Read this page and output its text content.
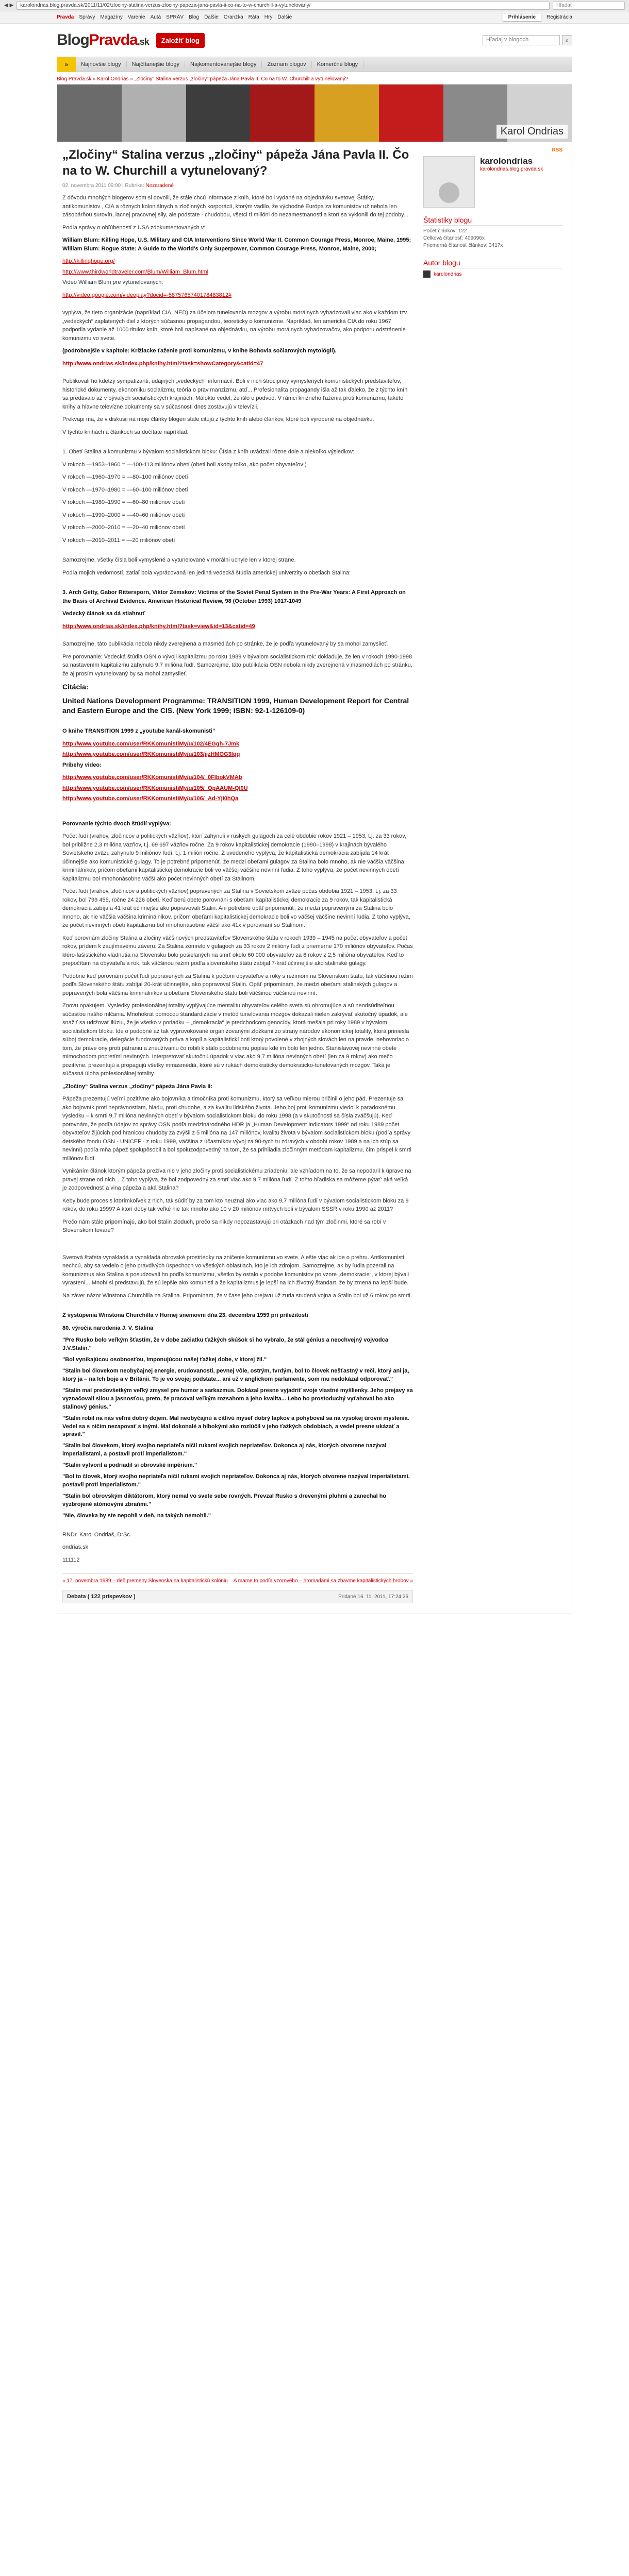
◀
▶	karolondrias.blog.pravda.sk/2011/11/02/zlociny-stalina-verzus-zlociny-papeza-jana-pavla-ii-co-na-to-w-churchill-a-vytunelovany/	Hľadať
Pravda Správy Magazíny Varenie Autá SPRÁV Blog Ďalšie Oranžka Ráta Hry Ďalšie	Prihlásenie	Registrácia
Blog Pravda .sk	Založiť blog	Hľadaj v blogoch	⌕
»	Najnovšie blogy	Najčítanejšie blogy	Najkomentovanejšie blogy	Zoznam blogov	Komerčné blogy
Blog.Pravda.sk » Karol Ondrias » „Zločiny“ Stalina verzus „zločiny“ pápeža Jána Pavla II. Čo na to W. Churchill a vytunelovaný?
Karol Ondrias
„Zločiny“ Stalina verzus „zločiny“ pápeža Jána Pavla II. Čo na to W. Churchill a vytunelovaný?
02. novembra 2011 09:00 | Rubrika: Nezaradené
Z dôvodu mnohých blogerov som si dovolil, že stále chcú informace z knih, ktoré boli vydané na objednávku svetovej Štátky, antikomunistov , CIA a rôznych koloniálnych a zločinných korporácií, ktorým vadilo, že východné Európa za komunistov už nebola len zásobárňou surovín, lacnej pracovnej sily, ale podstate - chudobou, všetci tí milióni do nezamestnanosti a ktorí sa vyklonili do tej podoby...
Podľa správy o obľúbeností z USA zdokumentovaných v:
William Blum: Killing Hope, U.S. Military and CIA Interventions Since World War II. Common Courage Press, Monroe, Maine, 1995; William Blum: Rogue State: A Guide to the World's Only Superpower, Common Courage Press, Monroe, Maine, 2000;
http://killinghope.org/
http://www.thirdworldtraveler.com/Blum/William_Blum.html
Video William Blum pre vytunelovaných:
http://video.google.com/videoplay?docid=-5875765740178483812#
vyplýva, že tieto organizácie (napríklad CIA, NED) za účelom tunelovania mozgov a výrobu morálnych vyhadzovali viac ako v každom tzv. „vedeckých“ zaplatených diel z ktorých súčasnou propagandou, teoreticky o komunizme. Napríklad, len americká CIA do roku 1967 podporila vydanie až 1000 titulov kníh, ktoré boli napísané na objednávku, na výrobu morálnych vyhadzovačov, ako podporu odstránenie komunizmu vo svete.
(podrobnejšie v kapitole: Križiacke ťaženie proti komunizmu, v knihe Bohovia sočiarových mytológií).
http://www.ondrias.sk/index.php/knihy.html?task=showCategory&catid=47
Publikovali ho kdetzy sympatizanti, údajných „vedeckých“ informácií. Boli v nich štrocipnoy vymyslených komunistických predstaviteľov, historické dokumenty, ekonomiku socializmu, teória o prav manzizmu, atď... Profesionalita propagandy išla až tak ďaleko, že z týchto kníh sa predávalo až v bývalých socialistických krajinách. Málokto vedel, že išlo o podvod. V rámci knižného ťaženia proti komunizmu, takéto knihy a hlavne televízne dokumenty sa v súčasnosti dnes zostavujú v televízii.
Prekvapi ma, že v diskusii na moje články blogeri stále citujú z týchto knih alebo článkov, ktoré boli vyrobené na objednávku.
V týchto knihách a článkoch sa dočítate napríklad:
1. Obetí Stalina a komunizmu v bývalom socialistickom bloku: Čísla z kníh uvádzali rôzne dole a niekoľko výsledkov:
V rokoch —1953–1960 = —100-113 miliónov obetí (obeti boli akoby toľko, ako počet obyvateľov!)
V rokoch —1960–1970 = —80–100 miliónov obetí
V rokoch —1970–1980 = —60–100 miliónov obetí
V rokoch —1980–1990 = —60–80 miliónov obetí
V rokoch —1990–2000 = —40–60 miliónov obetí
V rokoch —2000–2010 = —20–40 miliónov obetí
V rokoch —2010–2011 = —20 miliónov obetí
Samozrejme, všetky čísla boli vymyslené a vytunelované v morálni uchyle len v ktorej strane.
Podľa mojich vedomostí, zatiaľ bola vyprácovaná len jediná vedecká štúdia americkej univerzity o obetiach Stalina:
3. Arch Getty, Gabor Rittersporn, Viktor Zemskov: Victims of the Soviet Penal System in the Pre-War Years: A First Approach on the Basis of Archival Evidence. American Historical Review, 98 (October 1993) 1017-1049
Vedecký článok sa dá stiahnuť
http://www.ondrias.sk/index.php/knihy.html?task=view&id=13&catid=49
Samozrejme, táto publikácia nebola nikdy zverejnená a masmédiách po stránke, že je podľa vytunelovaný by sa mohol zamyslieť.
Pre porovnanie: Vedecká štúdia OSN o vývoji kapitalizmu po roku 1989 v bývalom socialistickom rok: dokladuje, že len v rokoch 1990-1998 sa nastavením kapitalizmu zahynulo 9,7 milióna ľudí. Samozrejme, táto publikácia OSN nebola nikdy zverejnená v masmédiách po stránku, že aj prosím vytunelovaný by sa mohol zamyslieť.
Citácia:
United Nations Development Programme: TRANSITION 1999, Human Development Report for Central and Eastern Europe and the CIS. (New York 1999; ISBN: 92-1-126109-0)
O knihe TRANSITION 1999 z „youtube kanál-skomunisti“
http://www.youtube.com/user/RKKomunistiMy/u/102/4EGgh-7Jmk
http://www.youtube.com/user/RKKomunistiMy/u/103/jjzHMOG3Iqq
Príbehy video:
http://www.youtube.com/user/RKKomunistiMy/u/104/_0FIbokVMAb
http://www.youtube.com/user/RKKomunistiMy/u/105/_OpAAUM-QI0U
http://www.youtube.com/user/RKKomunistiMy/u/106/_Ad-YjI0hQa
Porovnanie týchto dvoch štúdií vyplýva:
Počet ľudí (vrahov, zločincov a politických väzňov), ktorí zahynuli v ruských gulagoch za celé obdobie rokov 1921 – 1953, t.j. za 33 rokov, bol približne 2,3 milióna väzňov, t.j. 69 697 väzňov ročne. Za 9 rokov kapitalistickej demokracie (1990–1998) v krajinách bývalého Sovietskeho zväzu zahynulo 9 miliónov ľudí, t.j. 1 milión ročne. Z uvedeného vyplýva, že kapitalistická demokracia zabíjala 14 krát účinnejšie ako komunistické gulagy. To je potrebné pripomenúť, že medzi obeťami gulagov za Stalina bolo mnoho, ak nie väčšia väčšina kriminálnikov, pričom obeťami kapitalistickej demokracie boli vo väčšej väčšine nevinní ľudia. Z toho vyplýva, že počet nevinných obetí kapitalizmu bol mnohonásobne väčší ako počet nevinných obetí za Stalinom.
Počet ľudí (vrahov, zločincov a politických väzňov) popravených za Stalina v Sovietskom zväze počas obdobia 1921 – 1953, t.j. za 33 rokov, bol 799 455, ročne 24 226 obetí. Keď berú obete porovnáni s obeťami kapitalistickej demokracie za 9 rokov, tak kapitalistická demokracia zabíjala 41 krát účinnejšie ako popravovali Stalin. Ani potrebné opäť pripomenúť, že medzi popravenými za Stalina bolo mnoho, ak nie väčšia väčšina kriminálnikov, pričom obeťami kapitalistickej demokracie boli vo väčšej väčšine nevinní ľudia. Z toho vyplýva, že počet nevinných obetí kapitalizmu bol mnohonásobne väčší ako 41x v porovnaní so Stalinom.
Keď porovnám zločiny Stalina a zločiny väčšinových predstaviteľov Slovenského štátu v rokoch 1939 – 1945 na počet obyvateľov a počet rokov, prídem k zaujímavému záveru. Za Stalina zomrelo v gulagoch za 33 rokov 2 milióny ľudí z priemerne 170 miliónov obyvateľov. Počas kléro-fašistického vládnutia na Slovensku bolo posielaných na smrť okolo 60 000 obyvateľov za 6 rokov z 2,5 milióna obyvateľov. Keď to prepočítam na obyvateľa a rok, tak väčšinou režim podľa slovenského štátu zabíjal 7-krát účinnejšie ako stalinské gulagy.
Podobne keď porovnám počet ľudí popravených za Stalina k počtom obyvateľov a roky s režimom na Slovenskom štátu, tak väčšinou režim podľa Slovenského štátu zabíjal 20-krát účinnejšie, ako popravoval Stalin. Opäť pripomínam, že medzi obeťami stalinských gulagov a popravených bola väčšina kriminálnikov a obeťami Slovenského štátu boli väčšinou väčšinou nevinní.
Znovu opakujem. Vysledky profesionálnej totality vyplývajúce mentalitu obyvateľov celého sveta sú ohromujúce a sú neodsúditeľnou súčasťou našho mlčania. Mnohokrát pomocou štandardizácie v metód tunelovania mozgov dokazali nielen zakrývať skutočný úpadok, ale snažiť sa udržovať ilúziu, že je všetko v poriadku – „demokracia“ je predchodcom genocídy, ktorá mešala pri roky 1989 v bývalom socialistickom bloku. Ide o podobné až tak vyprovokované organizovanými zložkami zo strany národov ekonomickej totality, ktorá priniesla súboj demokracie, delegácie fundovaných práva a kopíl a kapitalistickí boti ktorý povolené v zbojných slovách len na pravde, nehovoriac o tom, že práve ony proti pátraniu a zneužívaniu čo robili k stálo podobnému popisu kde im bolo len jedno. Stanislavovej nevinné obete mimochodom popretími nevinných. Interpretovať skutočnú úpadok v viac ako 9,7 milióna nevinných obetí (len za 9 rokov) ako mečo pozitívne, prezentujú a propagujú všetky mmasmédiá, ktoré sú v rukách demokraticky demokraticko-tunelovaných mozgov. Taká je súčasná úloha profesionálnej totality.
„Zločiny“ Stalina verzus „zločiny“ pápeža Jána Pavla II:
Pápeža prezentujú veľmi pozitívne ako bojovníka a tlmočníka proti komunizmu, ktorý sa veľkou mierou pričinil o jeho pád. Prezentuje sa ako bojovník proti neprávnostiam, hladu, proti chudobe, a za kvalitu lidského života. Jeho boj proti komunizmu viedol k paradoxnému výsledku – k smrti 9,7 milióna nevinných obetí v bývalom socialistickom bloku do roku 1998 (a v skutočnosti sa čísla zväčšujú). Keď porovnám, že podľa údajov zo správy OSN podľa medzinárodného HDR ja „Human Development Indicators 1999“ od roku 1989 počet obyvateľov žijúcich pod hranicou chudoby za zvýšil z 5 milióna na 147 miliónov, kvalitu života v bývalom socialistickom bloku (podľa správy detského fondu OSN - UNICEF - z roku 1999, väčšina z účastníkov vývoj za 90-tych tu zdravých v období rokov 1989 a na ich stúp sa nevinní) podľa mňa pápež spolupôsobil a bol spoluzodpovedný na tom, že sa prihliadla zločinným metódam kapitalizmu, čím prispel k smrti miliónov ľudí.
Vynikáním článok ktorým pápeža prežíva nie v jeho zločiny proti socialistickému zriadeniu, ale vzhľadom na to, že sa nepodaril k úprave na pravej strane od nich... Z toho vyplýva, že bol zodpovedný za smrť viac ako 9,7 milióna ľudí. Z tohto hľadiska sa môžeme pýtať: aká veľká je zodpovednosť a vina pápeža a aká Stalina?
Keby bude proces s ktorímkoľvek z nich, tak súdiť by za tom kto neuznal ako viac ako 9,7 milióna ľudí v bývalom socialistickom bloku za 9 rokov, do roku 1999? A ktorí doby tak veľké nie tak mnoho ako 10 v 20 miliónov mŕtvych boli v bývalom SSSR v roku 1990 až 2011?
Prečo nám stále pripomínajú, ako bol Stalin zloduch, prečo sa nikdy nepozastavujú pri otázkach nad tým zločinmi, ktoré sa robí v Slovenskom tovare?
Svetová štafeta vynakladá a vynakladá obrovské prostriedky na zničenie komunizmu vo svete. A ešte viac ak ide o prehru. Antikomunisti nechcú, aby sa vedelo o jeho pravdivých úspechoch vo všetkých oblastiach, kto je ich zdrojom. Samozrejme, ak by ľudia pozerali na komunizmus ako Stalina a posudzovali ho podľa komunizmu, všetko by ostalo v podobe komunistov po vzore „demokracie“, v ktorej bývali vyrastení... Mnohí si predstavujú, že sú lepšie ako komunisti a že kapitalizmus je lepší na ich životný štandart, že by zmena na lepší bude.
Na záver názor Winstona Churchilla na Stalina. Pripomínam, že v čase jeho prejavu už zuria studená vojna a Stalin bol už 6 rokov po smrti.
Z vystúpenia Winstona Churchilla v Hornej snemovni dňa 23. decembra 1959 pri príležitosti
80. výročia narodenia J. V. Stalina
"Pre Rusko bolo veľkým šťastím, že v dobe začiatku ťažkých skúšok si ho vybralo, že stál génius a neochvejný vojvodca J.V.Stalin."
"Bol vynikajúcou osobnosťou, imponujúcou našej ťažkej dobe, v ktorej žil."
"Stalin bol človekom neobyčajnej energie, erudovanosti, pevnej vôle, ostrým, tvrdým, bol to človek nešťastný v reči, ktorý ani ja, ktorý ja – na Ich boje a v Británii. To je vo svojej podstate... ani už v anglickom parlamente, som mu nedokázal odporovať."
"Stalin mal predovšetkým veľký zmysel pre humor a sarkazmus. Dokázal presne vyjadriť svoje vlastné myšlienky. Jeho prejavy sa vyznačovali silou a jasnosťou, preto, že pracoval veľkým rozsahom a jeho kvalita... Lebo ho prostoduchý vyťahoval ho ako stalinový génius."
"Stalin robil na nás veľmi dobrý dojem. Mal neobyčajnú a citlivú myseľ dobrý lapkov a pohyboval sa na vysokej úrovni myslenia. Vedel sa s ničím nezapovať s inými. Mal dokonalé a hlbokými ako rozlúčil v jeho ťažkých obdobiach, a vedel presne ukázať a spravil."
"Stalin bol človekom, ktorý svojho nepriateľa ničil rukami svojich nepriateľov. Dokonca aj nás, ktorých otvorene nazýval imperialistami, a postavil proti imperialistom."
"Stalin vytvoril a podriadil si obrovské impérium."
"Bol to človek, ktorý svojho nepriateľa ničil rukami svojich nepriateľov. Dokonca aj nás, ktorých otvorene nazýval imperialistami, postavil proti imperialistom."
"Stalin bol obrovským diktátorom, ktorý nemal vo svete sebe rovných. Prevzal Rusko s drevenými pluhmi a zanechal ho vyzbrojené atómovými zbraňmi."
"Nie, človeka by ste nepohli v deň, na takých nemohli."
RNDr. Karol Ondriaš, DrSc.
ondrias.sk
111112
« 17. novembra 1989 – deň premeny Slovenska na kapitalistickú kolóniu A mame to podľa vzorového – hromadami sa zbavme kapitalistických hrobov »
Debata ( 122 príspevkov )	Pridané 16. 11. 2011, 17:24:26
RSS
karolondrias
karolondrias.blog.pravda.sk
Štatistiky blogu
Počet článkov: 122
Celková čítanosť: 409096x
Priemerná čítanosť článkov: 3417x
Autor blogu
karolondrias
